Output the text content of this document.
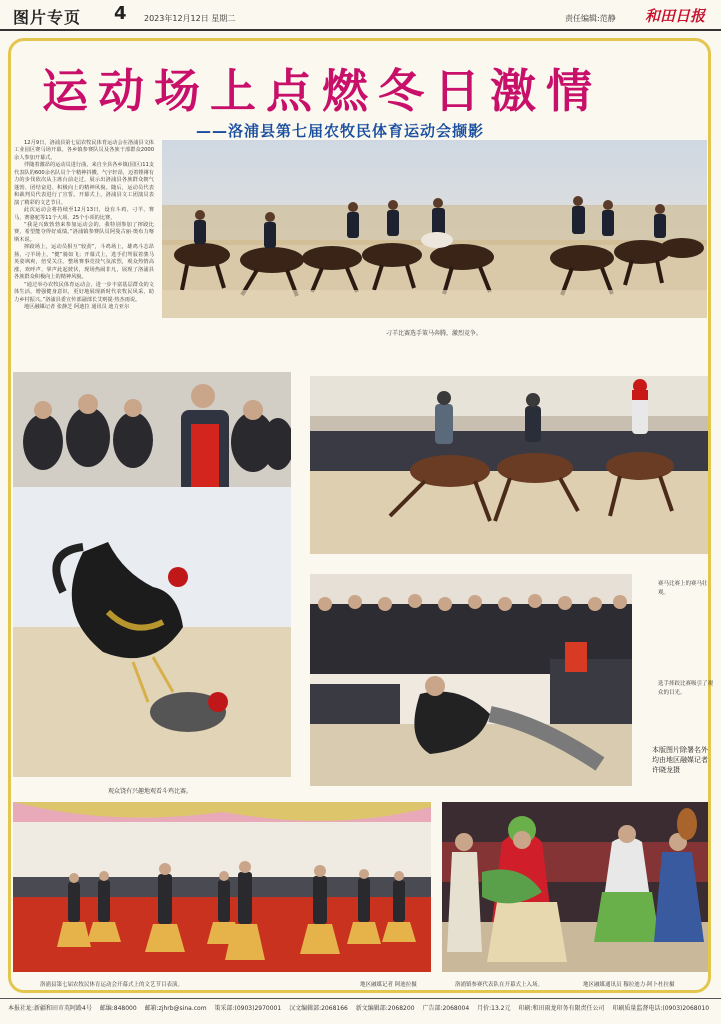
图片专页 4 2023年12月12日 星期二	责任编辑:范静 和田日报
运动场上点燃冬日激情
——洛浦县第七届农牧民体育运动会撷影
刁羊比赛选手策马奔腾，激烈竞争。

12月9日，洛浦县第七届农牧民体育运动会在洛浦县文体工业园区赛马场开幕。各乡镇参赛队员及各族干部群众2000余人参加开幕式。

伴随着激昂的运动员进行曲，来自全县各乡镇(园区)11支代表队的600余名队员个个精神抖擞、气宇轩昂，迈着铿锵有力的步伐依次从主席台前走过，展示出洛浦县各族群众朝气蓬勃、团结奋进、积极向上的精神风貌。随后，运动员代表和裁判员代表进行了宣誓。开幕式上，洛浦县文工团演员表演了精彩的文艺节目。

此次运动会将持续至12月13日，设有斗鸡、刁羊、赛马、赛骆驼等11个大项、25个小项的比赛。

“我是兴致勃勃来参加运动会的，我特别参加了摔跤比赛，希望能夺得好成绩。”洛浦镇参赛队员阿曼古丽·奥布力喀斯木说。

摔跤场上，运动员相互“较劲”，斗鸡场上，雄鸡斗志昂扬，刁羊场上，“健”骑如飞；开幕式上，选手们驾驭着骏马英姿飒爽，倍受关注。整场赛事竞技气氛浓烈，观众热情高涨，欢呼声、掌声此起彼伏，现场热闹非凡，展现了洛浦县各族群众积极向上的精神风貌。

“通过举办农牧民体育运动会，进一步丰富基层群众的文体生活，增强健身意识，更好地展现新时代农牧民风采，助力乡村振兴。”洛浦县委宣传部副部长艾则提·热杰雨说。

地区融媒记者 张静芝 阿迪拉 通讯员 迪力亚尔

观众饶有兴趣地观看斗鸡比赛。
赛马比赛上的赛马壮观。
选手摔跤比赛吸引了观众的目光。
本版图片除署名外均由地区融媒记者许晓龙摄
洛浦县第七届农牧民体育运动会开幕式上的文艺节目表演。	地区融媒记者 阿迪拉摄	洛浦镇参赛代表队在开幕式上入场。	地区融媒通讯员 穆拉迪力·阿卜杜拉摄
本报社址:新疆和田市英阿路4号 邮编:848000 邮箱:zjhrb@sina.com 策采部:(0903)2970001 汉文编辑部:2068166 新文编辑部:2068200 广告部:2068004 月价:13.2元 印刷:和田雨龙印务有限责任公司 印刷质量监督电话:(0903)2068010
